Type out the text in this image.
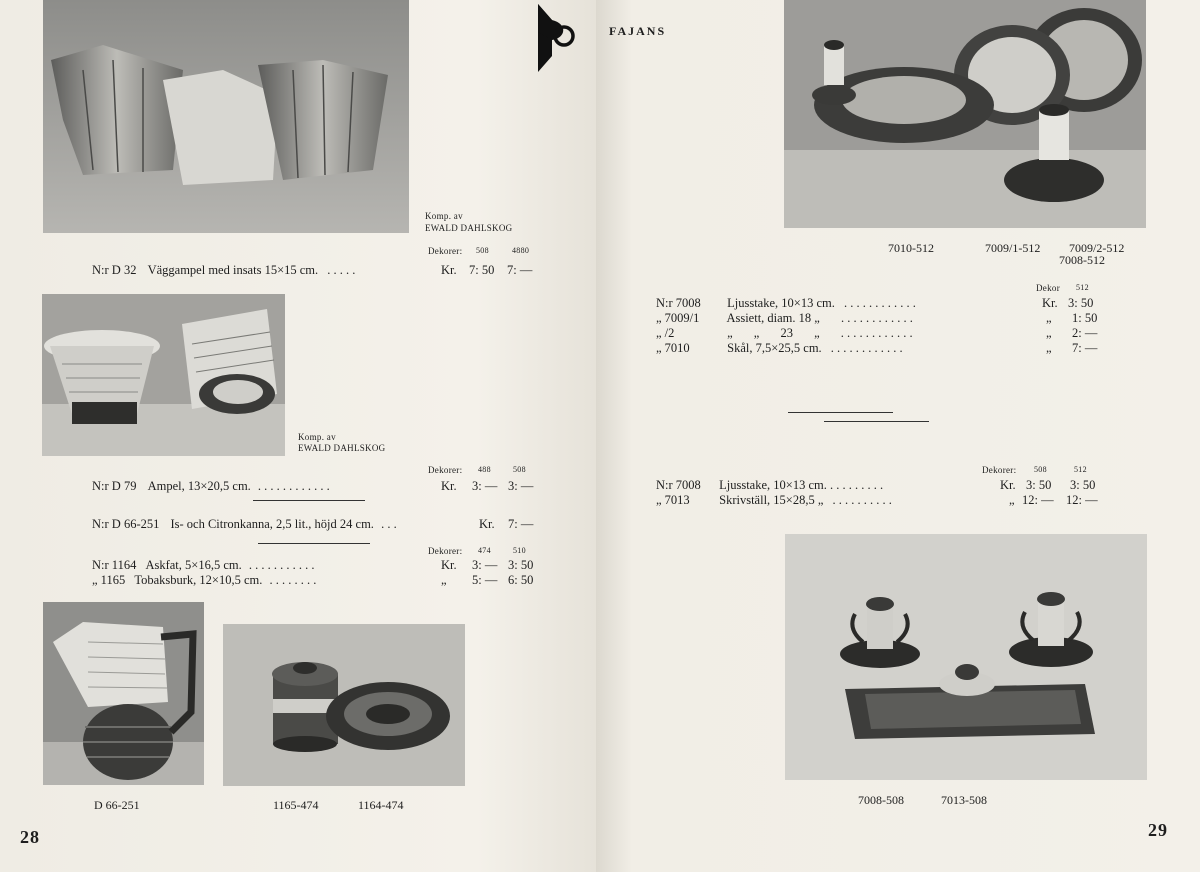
Komp. av
EWALD DAHLSKOG
Dekorer: 508	4880
N:r D 32 Väggampel med insats 15×15 cm. . . . . .	Kr. 7: 50 7: —
Komp. av
EWALD DAHLSKOG
Dekorer: 488	508
N:r D 79 Ampel, 13×20,5 cm. . . . . . . . . . . . .	Kr. 3: — 3: —
N:r D 66-251 Is- och Citronkanna, 2,5 lit., höjd 24 cm. . . .	Kr. 7: —
Dekorer: 474	510
N:r 1164 Askfat, 5×16,5 cm. . . . . . . . . . . .	Kr. 3: — 3: 50
„ 1165 Tobaksburk, 12×10,5 cm. . . . . . . . .	„ 5: — 6: 50
D 66-251	1165-474	1164-474
28
FAJANS
7010-512	7009/1-512 7009/2-512
7008-512
Dekor 512
N:r 7008 Ljusstake, 10×13 cm. . . . . . . . . . . . .	Kr. 3: 50
„ 7009/1 Assiett, diam. 18 „ . . . . . . . . . . . .	„ 1: 50
„ /2	„ „ 23 „ . . . . . . . . . . . .	„ 2: —
„ 7010	Skål, 7,5×25,5 cm. . . . . . . . . . . . .	„ 7: —
Dekorer: 508	512
N:r 7008 Ljusstake, 10×13 cm. . . . . . . . . .	Kr. 3: 50 3: 50
„ 7013 Skrivställ, 15×28,5 „ . . . . . . . . . .	„ 12: — 12: —
7008-508	7013-508
29
